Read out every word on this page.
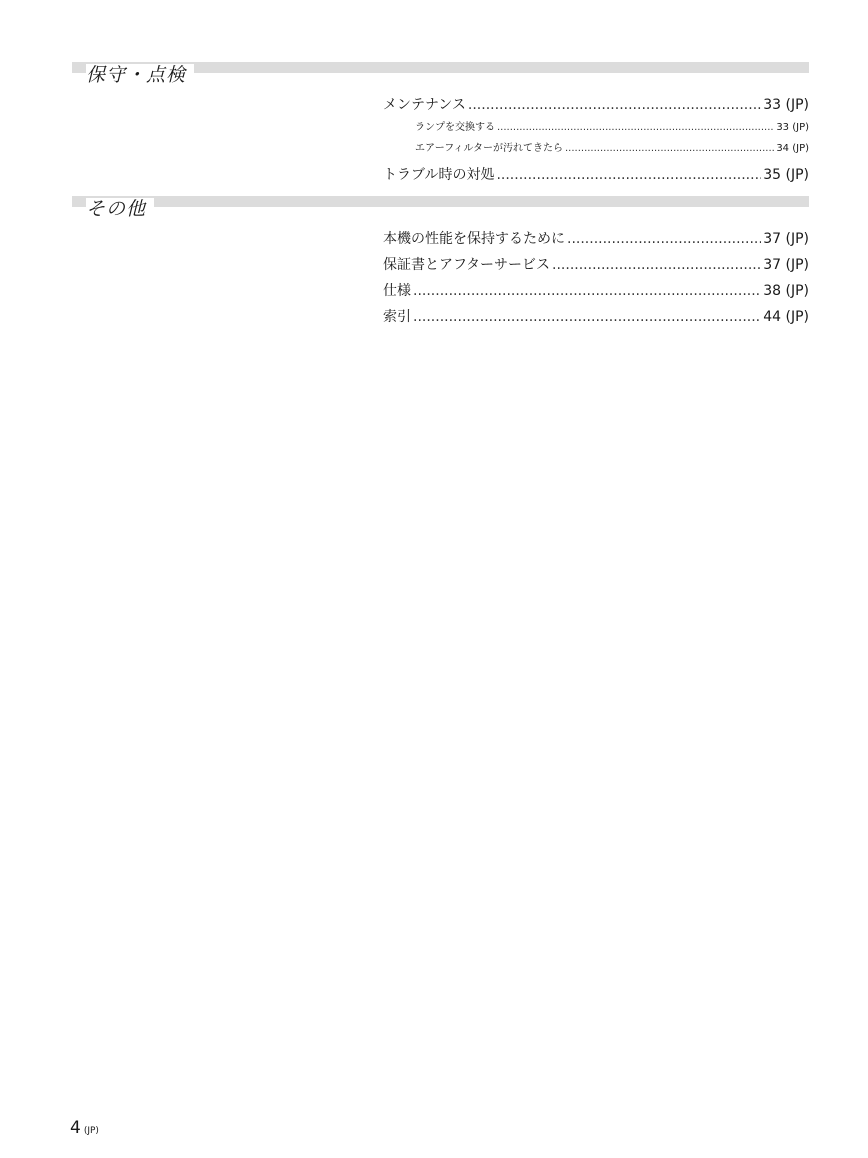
保守・点検
メンテナンス .....	33 (JP)
ランプを交換する .....	33 (JP)
エアーフィルターが汚れてきたら .....	34 (JP)
トラブル時の対処 .....	35 (JP)
その他
本機の性能を保持するために .....	37 (JP)
保証書とアフターサービス .....	37 (JP)
仕様 .....	38 (JP)
索引 .....	44 (JP)
4 (JP)
